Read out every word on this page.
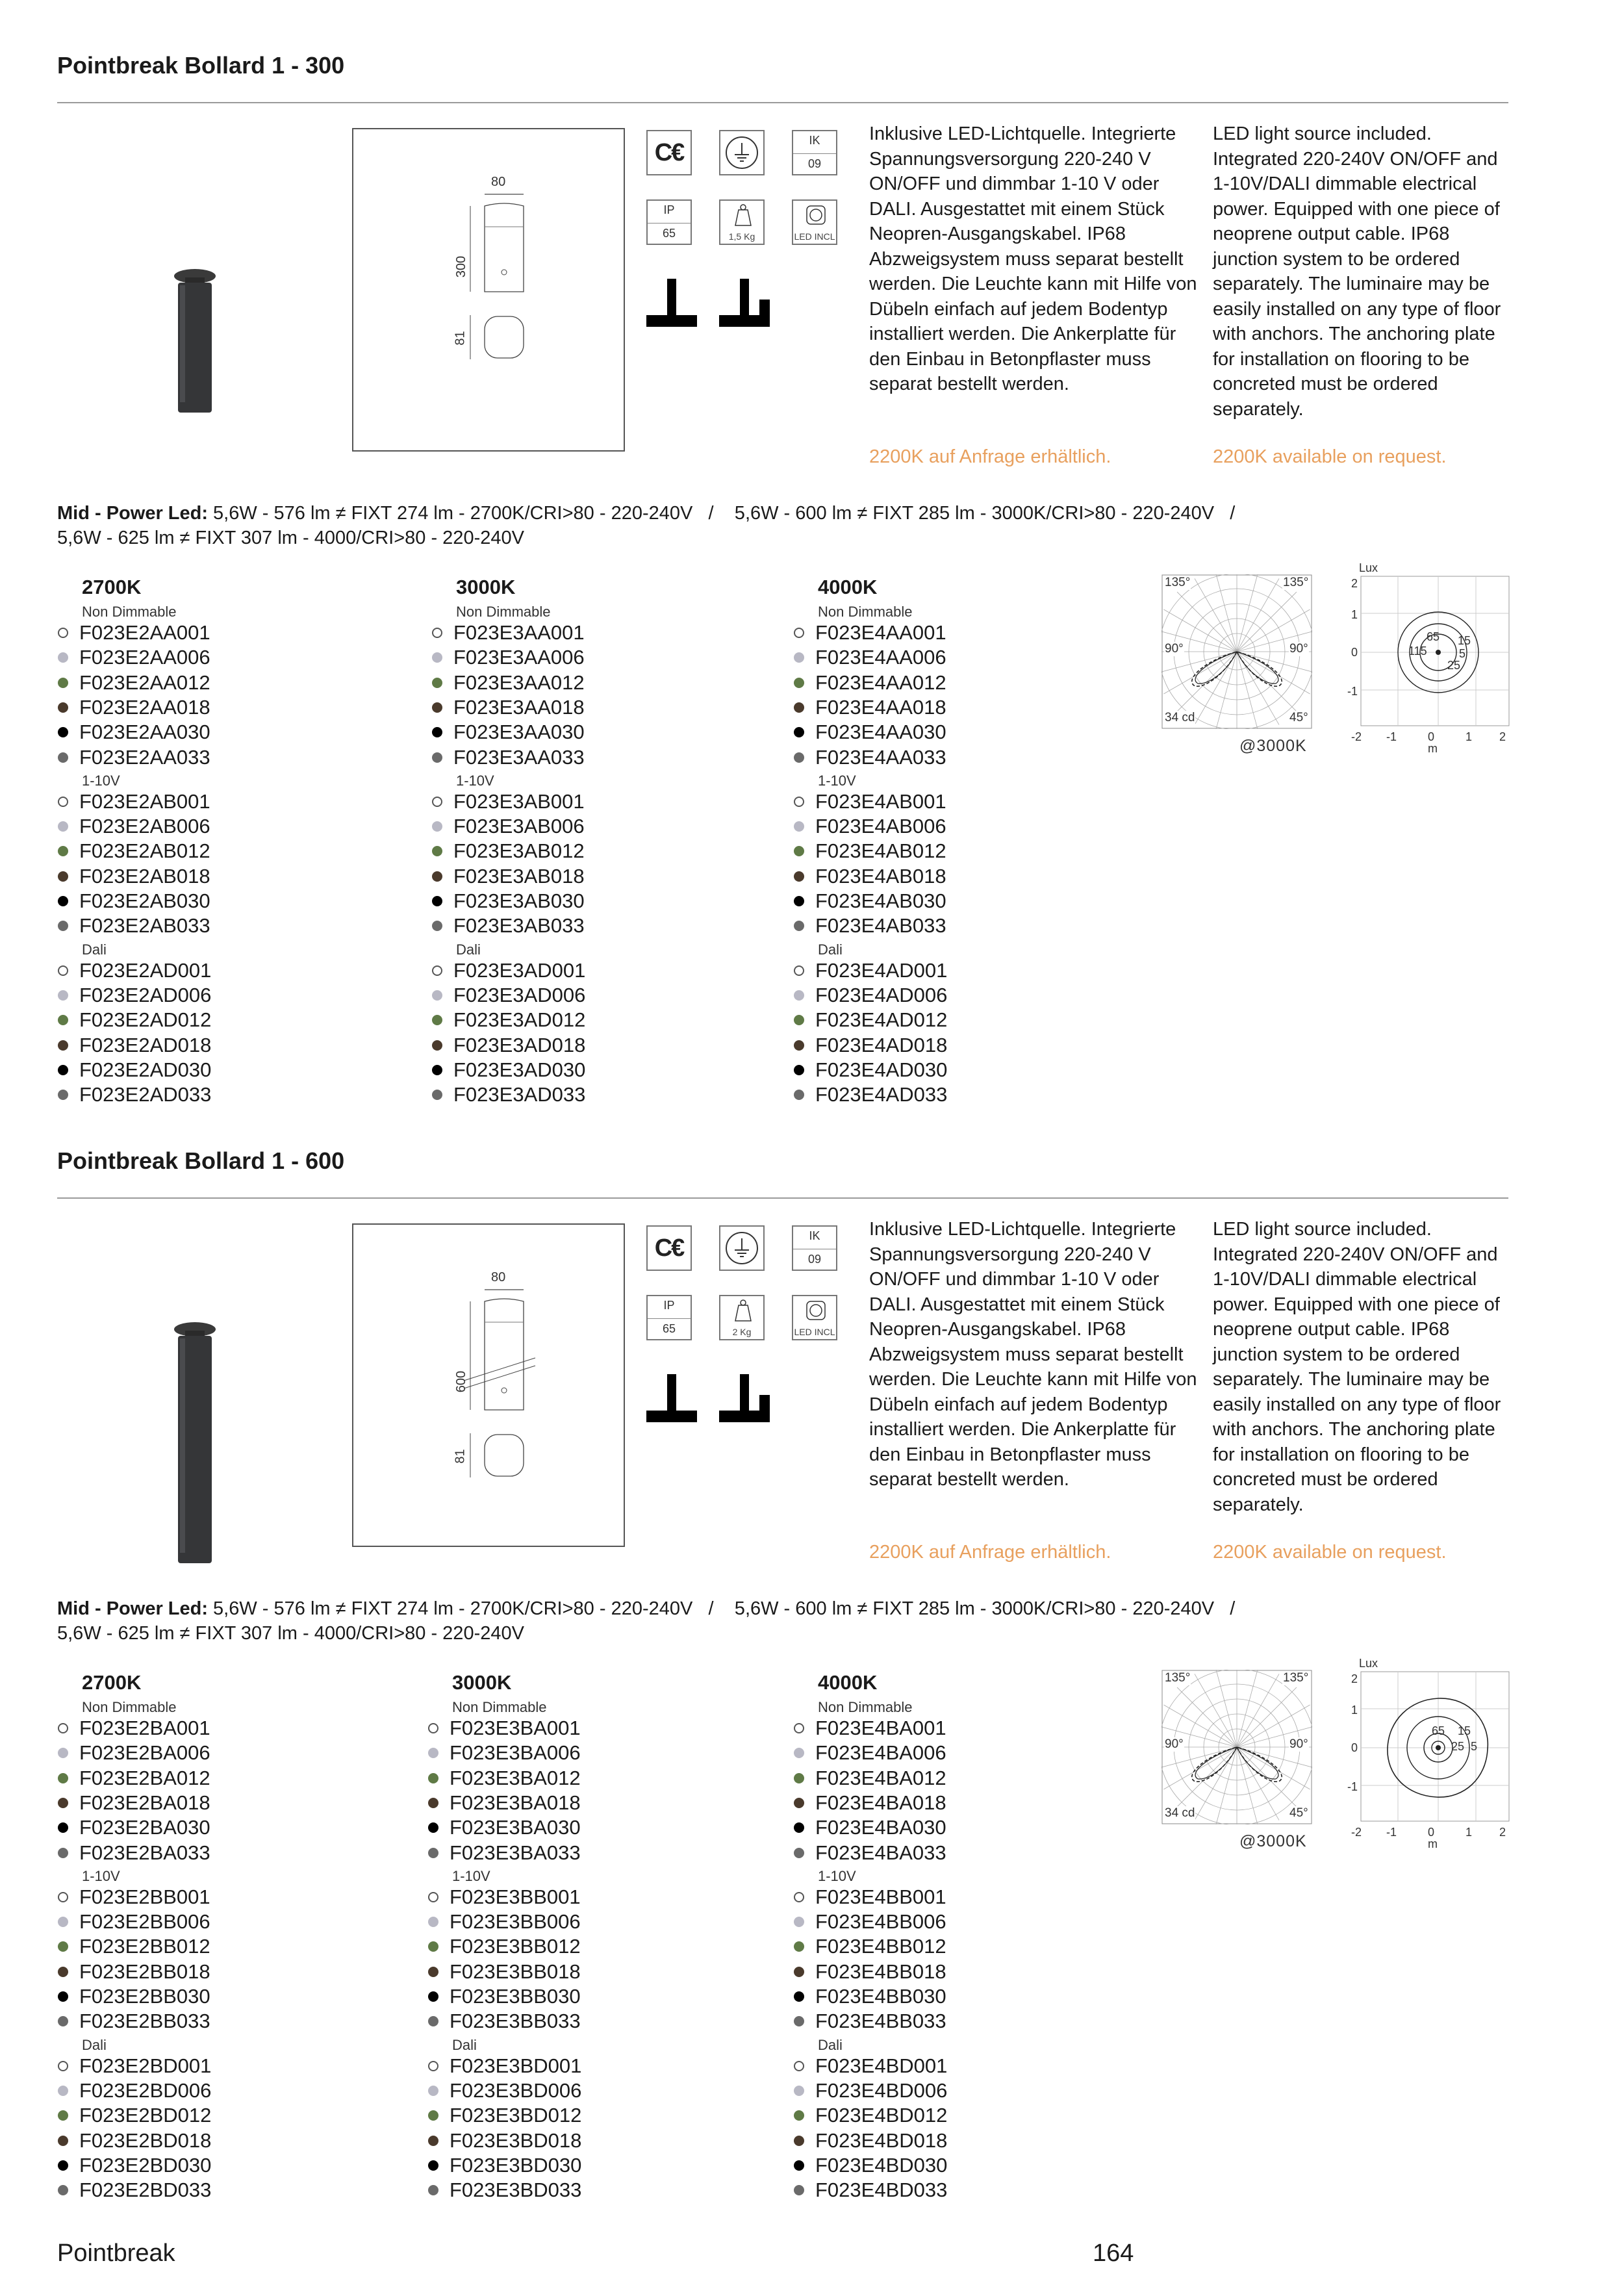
Pointbreak Bollard 1 - 300
80
300
81
C€	IK
09
IP
65	1,5 Kg	LED INCL
Inklusive LED-Lichtquelle. Integrierte Spannungsversorgung 220-240 V ON/OFF und dimmbar 1-10 V oder DALI. Ausgestattet mit einem Stück Neopren-Ausgangskabel. IP68 Abzweigsystem muss separat bestellt werden. Die Leuchte kann mit Hilfe von Dübeln einfach auf jedem Bodentyp installiert werden. Die Ankerplatte für den Einbau in Betonpflaster muss separat bestellt werden.
LED light source included. Integrated 220-240V ON/OFF and 1-10V/DALI dimmable electrical power. Equipped with one piece of neoprene output cable. IP68 junction system to be ordered separately. The luminaire may be easily installed on any type of floor with anchors. The anchoring plate for installation on flooring to be concreted must be ordered separately.
2200K auf Anfrage erhältlich.	2200K available on request.
Mid - Power Led: 5,6W - 576 lm ≠ FIXT 274 lm - 2700K/CRI>80 - 220-240V   /    5,6W - 600 lm ≠ FIXT 285 lm - 3000K/CRI>80 - 220-240V   /
5,6W - 625 lm ≠ FIXT 307 lm - 4000/CRI>80 - 220-240V
2700K
Non Dimmable
F023E2AA001
F023E2AA006
F023E2AA012
F023E2AA018
F023E2AA030
F023E2AA033
1-10V
F023E2AB001
F023E2AB006
F023E2AB012
F023E2AB018
F023E2AB030
F023E2AB033
Dali
F023E2AD001
F023E2AD006
F023E2AD012
F023E2AD018
F023E2AD030
F023E2AD033
3000K
Non Dimmable
F023E3AA001
F023E3AA006
F023E3AA012
F023E3AA018
F023E3AA030
F023E3AA033
1-10V
F023E3AB001
F023E3AB006
F023E3AB012
F023E3AB018
F023E3AB030
F023E3AB033
Dali
F023E3AD001
F023E3AD006
F023E3AD012
F023E3AD018
F023E3AD030
F023E3AD033
4000K
Non Dimmable
F023E4AA001
F023E4AA006
F023E4AA012
F023E4AA018
F023E4AA030
F023E4AA033
1-10V
F023E4AB001
F023E4AB006
F023E4AB012
F023E4AB018
F023E4AB030
F023E4AB033
Dali
F023E4AD001
F023E4AD006
F023E4AD012
F023E4AD018
F023E4AD030
F023E4AD033
135°	135°
90°	90°
34 cd	45°
@3000K
Lux
2
1
0
-1
-2 -1	0	1 2
m
65
115
15
5
25
Pointbreak Bollard 1 - 600
80
600
81
C€	IK
09
IP
65	2 Kg	LED INCL
Inklusive LED-Lichtquelle. Integrierte Spannungsversorgung 220-240 V ON/OFF und dimmbar 1-10 V oder DALI. Ausgestattet mit einem Stück Neopren-Ausgangskabel. IP68 Abzweigsystem muss separat bestellt werden. Die Leuchte kann mit Hilfe von Dübeln einfach auf jedem Bodentyp installiert werden. Die Ankerplatte für den Einbau in Betonpflaster muss separat bestellt werden.
LED light source included. Integrated 220-240V ON/OFF and 1-10V/DALI dimmable electrical power. Equipped with one piece of neoprene output cable. IP68 junction system to be ordered separately. The luminaire may be easily installed on any type of floor with anchors. The anchoring plate for installation on flooring to be concreted must be ordered separately.
2200K auf Anfrage erhältlich.	2200K available on request.
Mid - Power Led: 5,6W - 576 lm ≠ FIXT 274 lm - 2700K/CRI>80 - 220-240V   /    5,6W - 600 lm ≠ FIXT 285 lm - 3000K/CRI>80 - 220-240V   /
5,6W - 625 lm ≠ FIXT 307 lm - 4000/CRI>80 - 220-240V
2700K
Non Dimmable
F023E2BA001
F023E2BA006
F023E2BA012
F023E2BA018
F023E2BA030
F023E2BA033
1-10V
F023E2BB001
F023E2BB006
F023E2BB012
F023E2BB018
F023E2BB030
F023E2BB033
Dali
F023E2BD001
F023E2BD006
F023E2BD012
F023E2BD018
F023E2BD030
F023E2BD033
3000K
Non Dimmable
F023E3BA001
F023E3BA006
F023E3BA012
F023E3BA018
F023E3BA030
F023E3BA033
1-10V
F023E3BB001
F023E3BB006
F023E3BB012
F023E3BB018
F023E3BB030
F023E3BB033
Dali
F023E3BD001
F023E3BD006
F023E3BD012
F023E3BD018
F023E3BD030
F023E3BD033
4000K
Non Dimmable
F023E4BA001
F023E4BA006
F023E4BA012
F023E4BA018
F023E4BA030
F023E4BA033
1-10V
F023E4BB001
F023E4BB006
F023E4BB012
F023E4BB018
F023E4BB030
F023E4BB033
Dali
F023E4BD001
F023E4BD006
F023E4BD012
F023E4BD018
F023E4BD030
F023E4BD033
135°	135°
90°	90°
34 cd	45°
@3000K
Lux
2
1
0
-1
-2 -1	0	1 2
m
65 15
25 5
Pointbreak	164
